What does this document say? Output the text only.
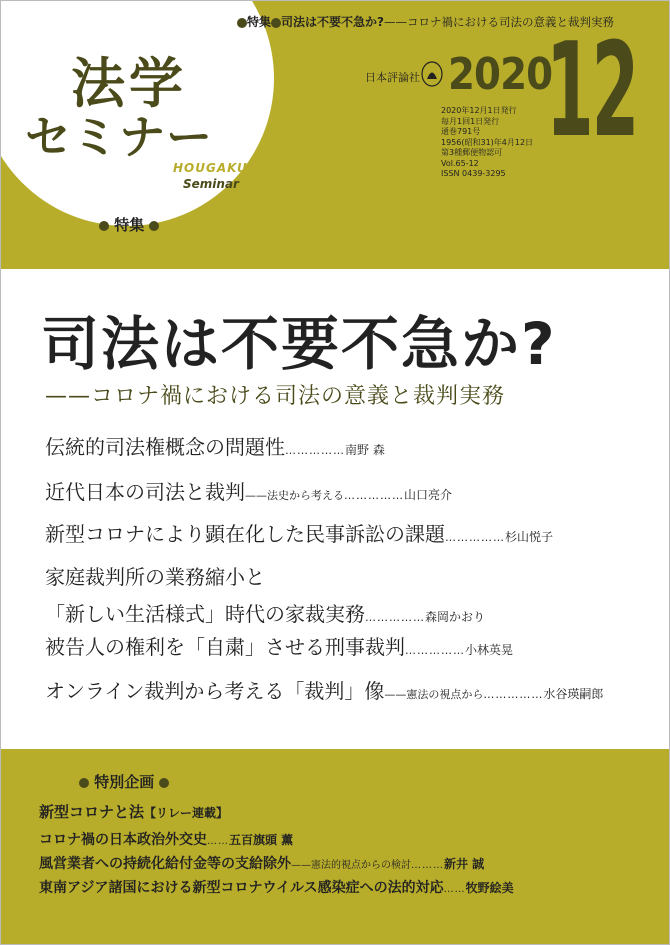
特集 司法は不要不急か?——コロナ禍における司法の意義と裁判実務
法学
セミナー
HOUGAKU
Seminar
特集
日本評論社 2020
12
2020年12月1日発行
毎月1回1日発行
通巻791号
1956(昭和31)年4月12日
第3種郵便物認可
Vol.65-12
ISSN 0439-3295
司法は不要不急か?
——コロナ禍における司法の意義と裁判実務
伝統的司法権概念の問題性……………南野 森
近代日本の司法と裁判——法史から考える……………山口亮介
新型コロナにより顕在化した民事訴訟の課題……………杉山悦子
家庭裁判所の業務縮小と
「新しい生活様式」時代の家裁実務……………森岡かおり
被告人の権利を「自粛」させる刑事裁判……………小林英晃
オンライン裁判から考える「裁判」像——憲法の視点から……………水谷瑛嗣郎
特別企画
新型コロナと法【リレー連載】
コロナ禍の日本政治外交史……五百旗頭 薫
風営業者への持続化給付金等の支給除外——憲法的視点からの検討………新井 誠
東南アジア諸国における新型コロナウイルス感染症への法的対応……牧野絵美
